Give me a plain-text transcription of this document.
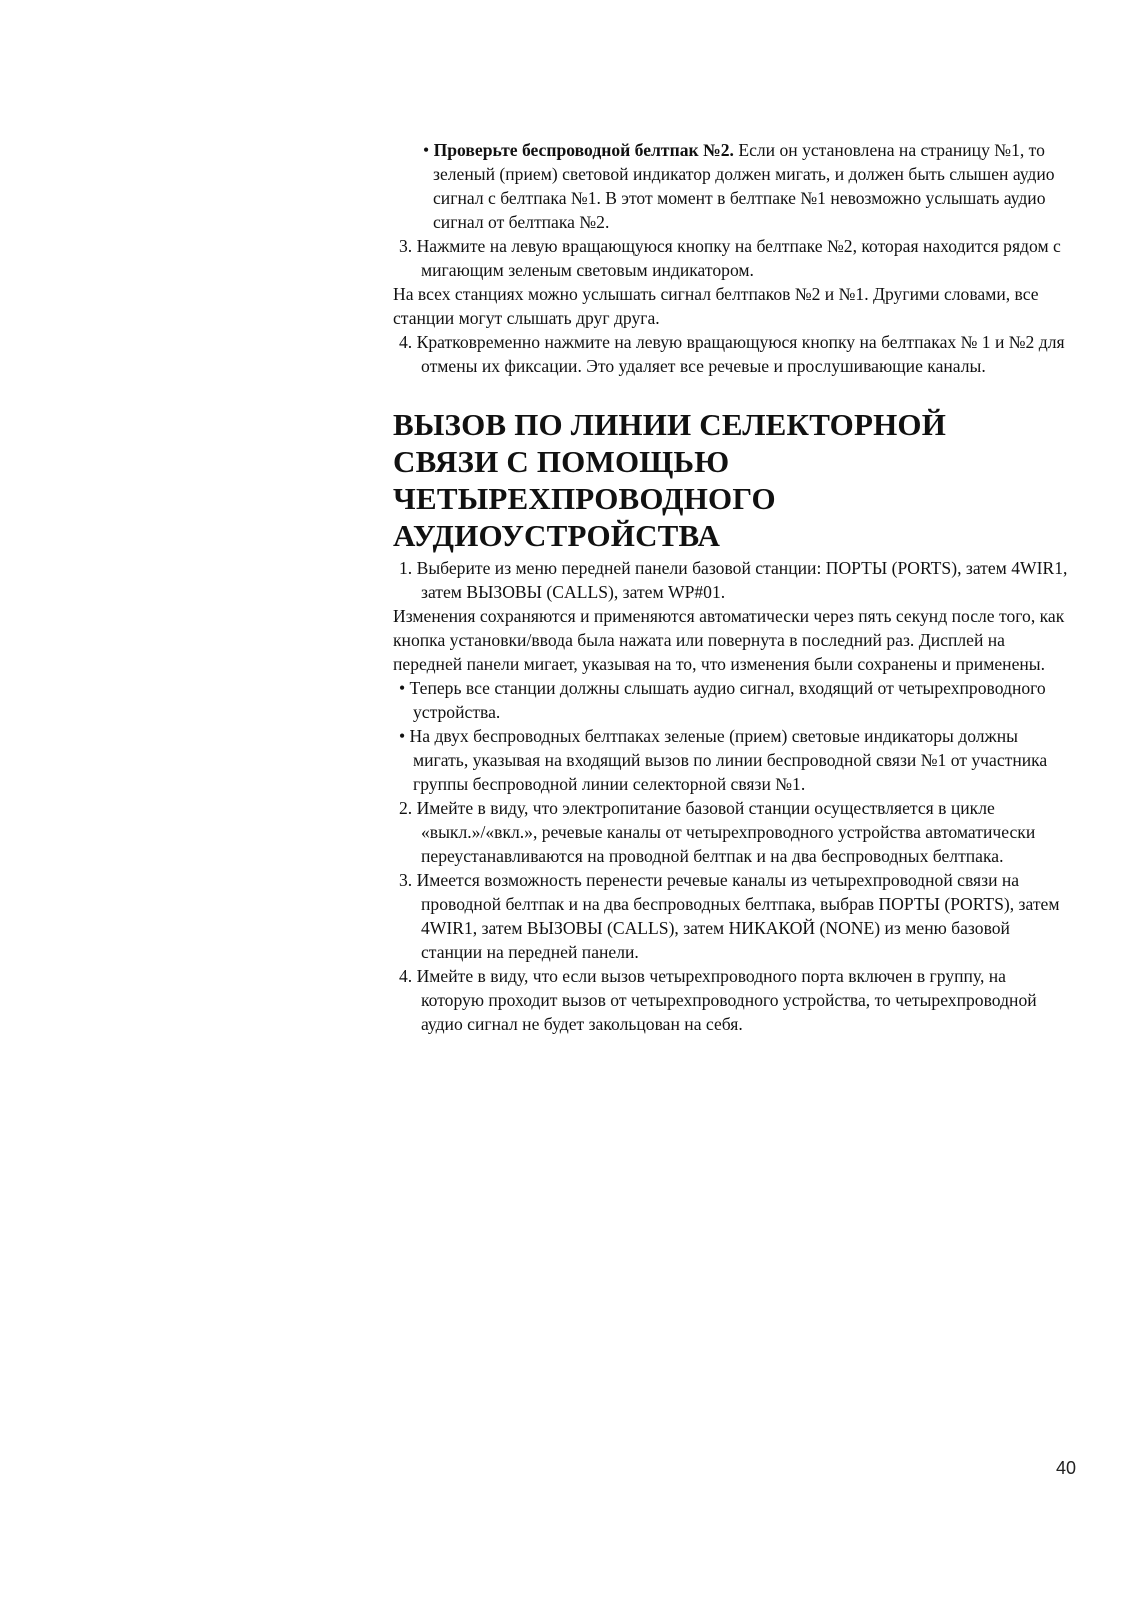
• Проверьте беспроводной белтпак №2. Если он установлена на страницу №1, то зеленый (прием) световой индикатор должен мигать, и должен быть слышен аудио сигнал с белтпака №1. В этот момент в белтпаке №1 невозможно услышать аудио сигнал от белтпака №2.
3. Нажмите на левую вращающуюся кнопку на белтпаке №2, которая находится рядом с мигающим зеленым световым индикатором.
На всех станциях можно услышать сигнал белтпаков №2 и №1. Другими словами, все станции могут слышать друг друга.
4. Кратковременно нажмите на левую вращающуюся кнопку на белтпаках № 1 и №2 для отмены их фиксации. Это удаляет все речевые и прослушивающие каналы.
ВЫЗОВ ПО ЛИНИИ СЕЛЕКТОРНОЙ
СВЯЗИ С ПОМОЩЬЮ
ЧЕТЫРЕХПРОВОДНОГО
АУДИОУСТРОЙСТВА
1. Выберите из меню передней панели базовой станции: ПОРТЫ (PORTS), затем 4WIR1, затем ВЫЗОВЫ (CALLS), затем WP#01.
Изменения сохраняются и применяются автоматически через пять секунд после того, как кнопка установки/ввода была нажата или повернута в последний раз. Дисплей на передней панели мигает, указывая на то, что изменения были сохранены и применены.
• Теперь все станции должны слышать аудио сигнал, входящий от четырехпроводного устройства.
• На двух беспроводных белтпаках зеленые (прием) световые индикаторы должны мигать, указывая на входящий вызов по линии беспроводной связи №1 от участника группы беспроводной линии селекторной связи №1.
2. Имейте в виду, что электропитание базовой станции осуществляется в цикле «выкл.»/«вкл.», речевые каналы от четырехпроводного устройства автоматически переустанавливаются на проводной белтпак и на два беспроводных белтпака.
3. Имеется возможность перенести речевые каналы из четырехпроводной связи на проводной белтпак и на два беспроводных белтпака, выбрав ПОРТЫ (PORTS), затем 4WIR1, затем ВЫЗОВЫ (CALLS), затем НИКАКОЙ (NONE) из меню базовой станции на передней панели.
4. Имейте в виду, что если вызов четырехпроводного порта включен в группу, на которую проходит вызов от четырехпроводного устройства, то четырехпроводной аудио сигнал не будет закольцован на себя.
40
